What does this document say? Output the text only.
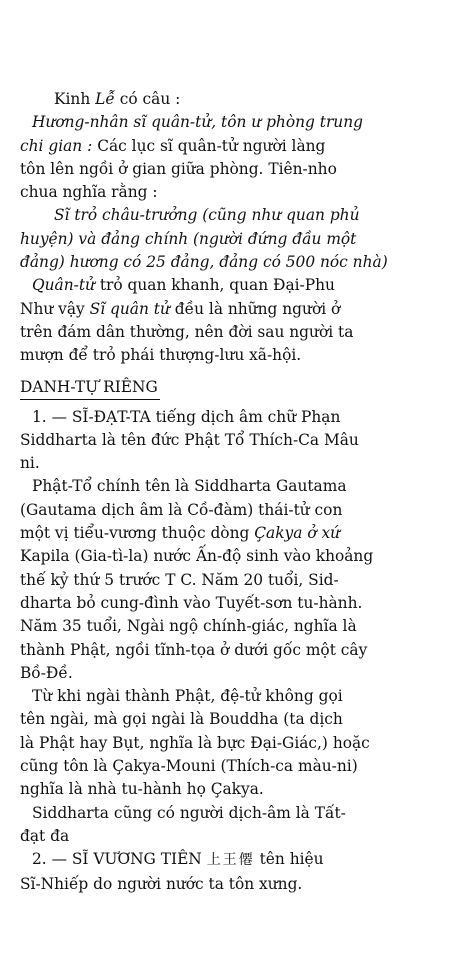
Kinh Lễ có câu :
Hương-nhân sĩ quân-tử, tôn ư phòng trung
chi gian : Các lục sĩ quân-tử người làng
tôn lên ngồi ở gian giữa phòng. Tiên-nho
chua nghĩa rằng :
Sĩ trỏ châu-trưởng (cũng như quan phủ
huyện) và đảng chính (người đứng đầu một
đảng) hương có 25 đảng, đảng có 500 nóc nhà)
Quân-tử trỏ quan khanh, quan Đại-Phu
Như vậy Sĩ quân tử đều là những người ở
trên đám dân thường, nên đời sau người ta
mượn để trỏ phái thượng-lưu xã-hội.
DANH-TỰ RIÊNG
1. — SĨ-ĐẠT-TA tiếng dịch âm chữ Phạn
Siddharta là tên đức Phật Tổ Thích-Ca Mâu
ni.
Phật-Tổ chính tên là Siddharta Gautama
(Gautama dịch âm là Cồ-đàm) thái-tử con
một vị tiểu-vương thuộc dòng Çakya ở xứ
Kapila (Gia-tì-la) nước Ấn-độ sinh vào khoảng
thế kỷ thứ 5 trước T C. Năm 20 tuổi, Sid-
dharta bỏ cung-đình vào Tuyết-sơn tu-hành.
Năm 35 tuổi, Ngài ngộ chính-giác, nghĩa là
thành Phật, ngồi tĩnh-tọa ở dưới gốc một cây
Bồ-Đề.
Từ khi ngài thành Phật, đệ-tử không gọi
tên ngài, mà gọi ngài là Bouddha (ta dịch
là Phật hay Bụt, nghĩa là bực Đại-Giác,) hoặc
cũng tôn là Çakya-Mouni (Thích-ca màu-ni)
nghĩa là nhà tu-hành họ Çakya.
Siddharta cũng có người dịch-âm là Tất-
đạt đa
2. — SĨ VƯƠNG TIÊN 上王僊 tên hiệu
Sĩ-Nhiếp do người nước ta tôn xưng.
